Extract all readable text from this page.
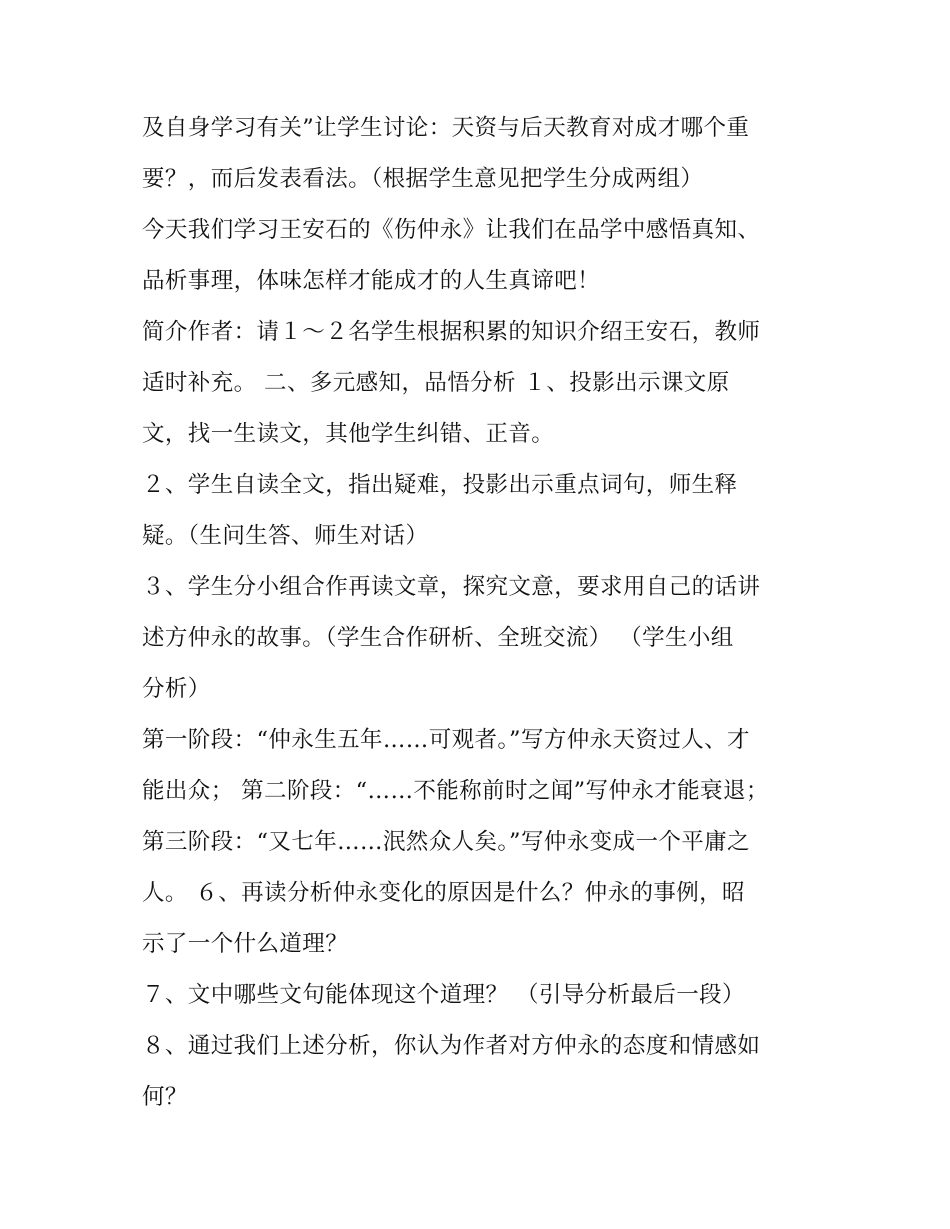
及自身学习有关”让学生讨论：天资与后天教育对成才哪个重
要？，而后发表看法。（根据学生意见把学生分成两组）
今天我们学习王安石的《伤仲永》让我们在品学中感悟真知、
品析事理，体味怎样才能成才的人生真谛吧！
简介作者：请１～２名学生根据积累的知识介绍王安石，教师
适时补充。 二、多元感知，品悟分析 １、投影出示课文原
文，找一生读文，其他学生纠错、正音。
２、学生自读全文，指出疑难，投影出示重点词句，师生释
疑。（生问生答、师生对话）
３、学生分小组合作再读文章，探究文意，要求用自己的话讲
述方仲永的故事。（学生合作研析、全班交流） （学生小组
分析）
第一阶段：“仲永生五年……可观者。”写方仲永天资过人、才
能出众； 第二阶段：“……不能称前时之闻”写仲永才能衰退；
第三阶段：“又七年……泯然众人矣。”写仲永变成一个平庸之
人。 ６、再读分析仲永变化的原因是什么？仲永的事例，昭
示了一个什么道理？
７、文中哪些文句能体现这个道理？ （引导分析最后一段）
８、通过我们上述分析，你认为作者对方仲永的态度和情感如
何？
